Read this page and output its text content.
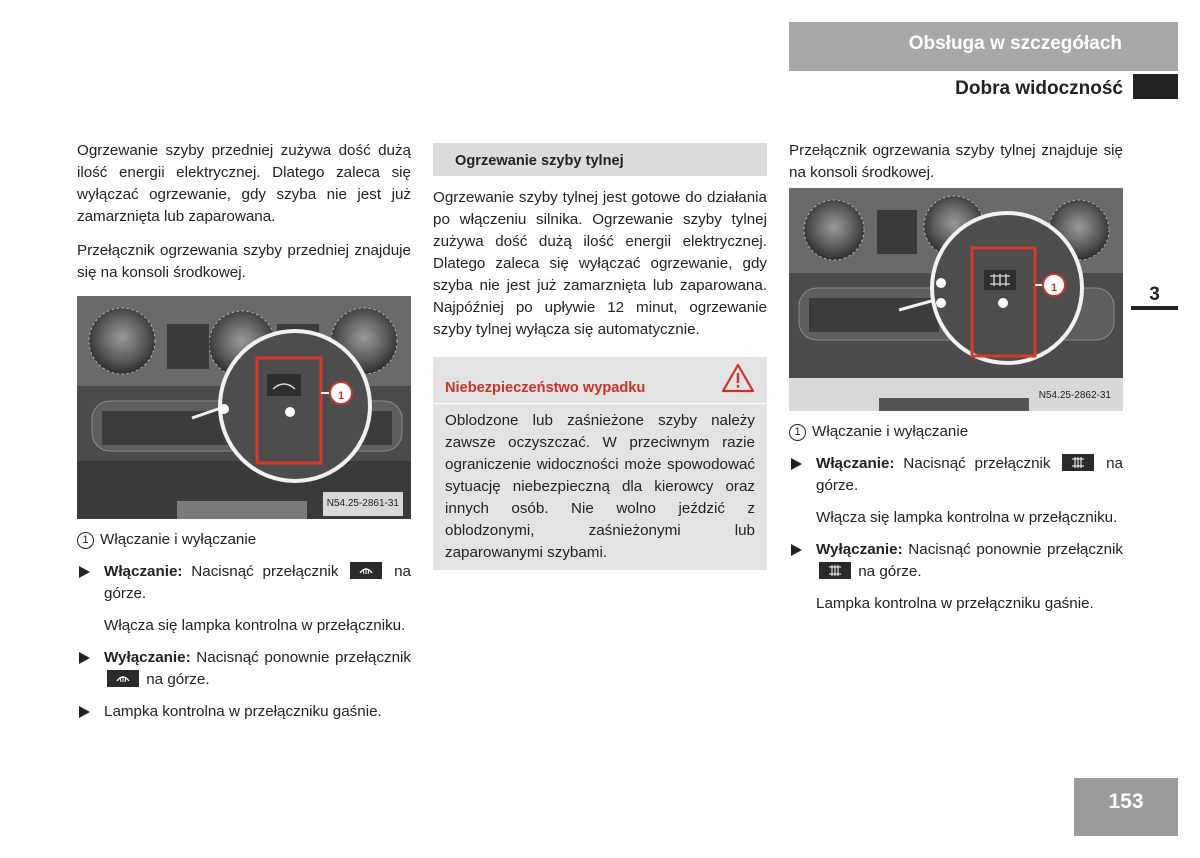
Obsługa w szczegółach
Dobra widoczność
3
153

Ogrzewanie szyby przedniej zużywa dość dużą ilość energii elektrycznej. Dlatego zaleca się wyłączać ogrzewanie, gdy szyba nie jest już zamarznięta lub zaparowana.

Przełącznik ogrzewania szyby przedniej znajduje się na konsoli środkowej.

1
N54.25-2861-31
1 Włączanie i wyłączanie
Włączanie: Nacisnąć przełącznik	na górze.
Włącza się lampka kontrolna w przełączniku.
Wyłączanie: Nacisnąć ponownie przełącznik
na górze.
Lampka kontrolna w przełączniku gaśnie.
Ogrzewanie szyby tylnej

Ogrzewanie szyby tylnej jest gotowe do działania po włączeniu silnika. Ogrzewanie szyby tylnej zużywa dość dużą ilość energii elektrycznej. Dlatego zaleca się wyłączać ogrzewanie, gdy szyba nie jest już zamarznięta lub zaparowana. Najpóźniej po upływie 12 minut, ogrzewanie szyby tylnej wyłącza się automatycznie.

Niebezpieczeństwo wypadku
Oblodzone lub zaśnieżone szyby należy zawsze oczyszczać. W przeciwnym razie ograniczenie widoczności może spowodować sytuację niebezpieczną dla kierowcy oraz innych osób. Nie wolno jeździć z oblodzonymi, zaśnieżonymi lub zaparowanymi szybami.

Przełącznik ogrzewania szyby tylnej znajduje się na konsoli środkowej.

1
N54.25-2862-31
1 Włączanie i wyłączanie
Włączanie: Nacisnąć przełącznik	na górze.
Włącza się lampka kontrolna w przełączniku.
Wyłączanie: Nacisnąć ponownie przełącznik
na górze.
Lampka kontrolna w przełączniku gaśnie.
